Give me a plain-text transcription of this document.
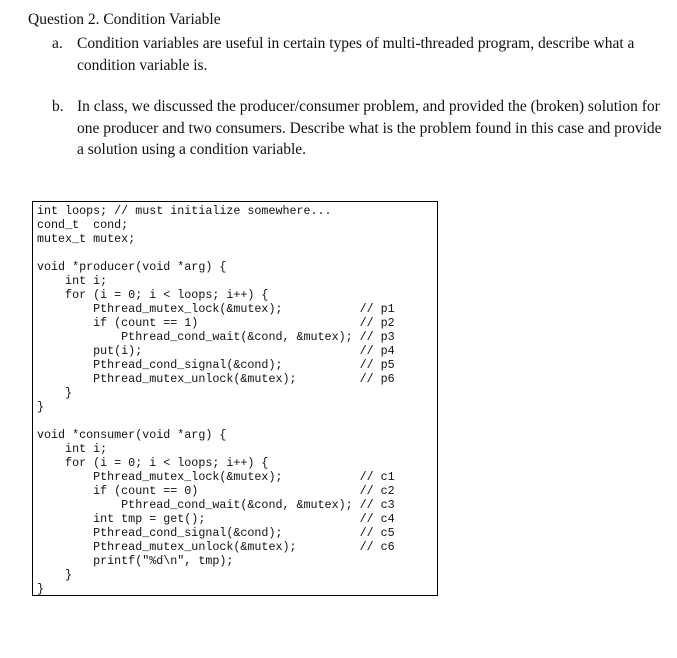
Question 2. Condition Variable
a. Condition variables are useful in certain types of multi-threaded program, describe what a condition variable is.
b. In class, we discussed the producer/consumer problem, and provided the (broken) solution for one producer and two consumers. Describe what is the problem found in this case and provide a solution using a condition variable.
int loops; // must initialize somewhere...
cond_t  cond;
mutex_t mutex;
void *producer(void *arg) {
int i;
for (i = 0; i < loops; i++) {
Pthread_mutex_lock(&mutex);           // p1
if (count == 1)                       // p2
Pthread_cond_wait(&cond, &mutex); // p3
put(i);                               // p4
Pthread_cond_signal(&cond);           // p5
Pthread_mutex_unlock(&mutex);         // p6
}
}
void *consumer(void *arg) {
int i;
for (i = 0; i < loops; i++) {
Pthread_mutex_lock(&mutex);           // c1
if (count == 0)                       // c2
Pthread_cond_wait(&cond, &mutex); // c3
int tmp = get();                      // c4
Pthread_cond_signal(&cond);           // c5
Pthread_mutex_unlock(&mutex);         // c6
printf("%d\n", tmp);
}
}
